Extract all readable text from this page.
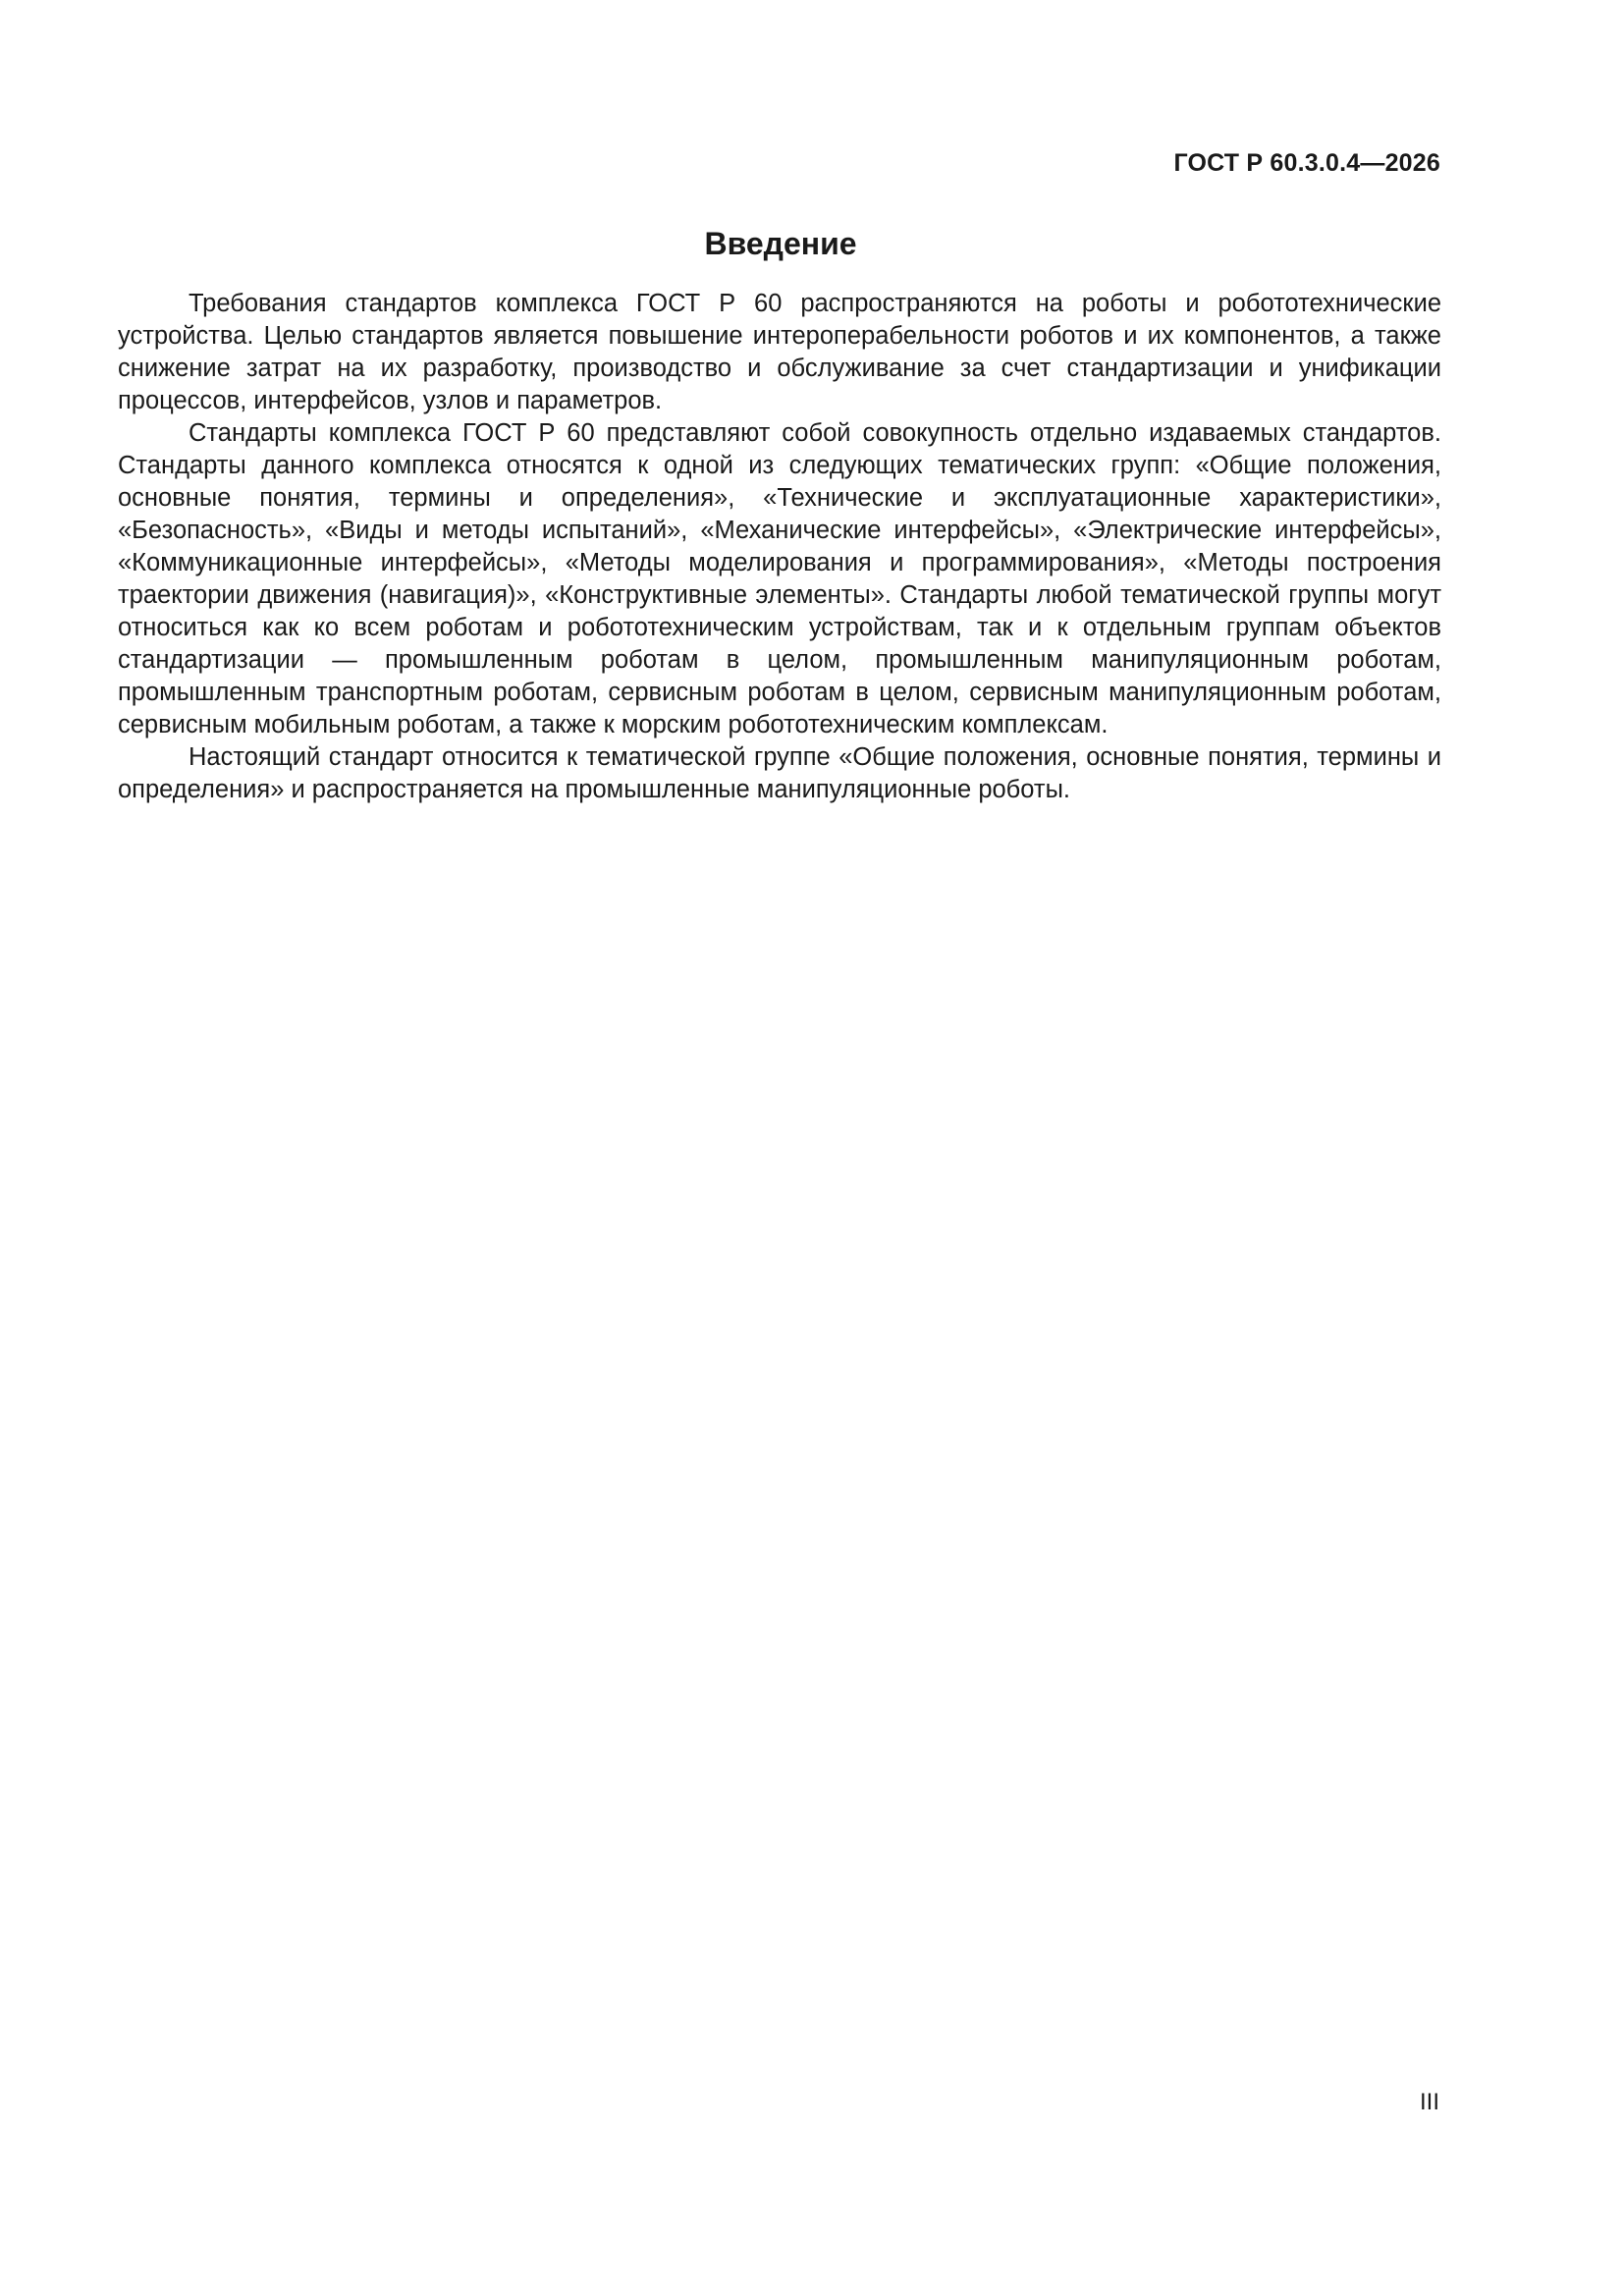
ГОСТ Р 60.3.0.4—2026
Введение

Требования стандартов комплекса ГОСТ Р 60 распространяются на роботы и робототехнические устройства. Целью стандартов является повышение интероперабельности роботов и их компонентов, а также снижение затрат на их разработку, производство и обслуживание за счет стандартизации и унификации процессов, интерфейсов, узлов и параметров.

Стандарты комплекса ГОСТ Р 60 представляют собой совокупность отдельно издаваемых стандартов. Стандарты данного комплекса относятся к одной из следующих тематических групп: «Общие положения, основные понятия, термины и определения», «Технические и эксплуатационные характеристики», «Безопасность», «Виды и методы испытаний», «Механические интерфейсы», «Электрические интерфейсы», «Коммуникационные интерфейсы», «Методы моделирования и программирования», «Методы построения траектории движения (навигация)», «Конструктивные элементы». Стандарты любой тематической группы могут относиться как ко всем роботам и робототехническим устройствам, так и к отдельным группам объектов стандартизации — промышленным роботам в целом, промышленным манипуляционным роботам, промышленным транспортным роботам, сервисным роботам в целом, сервисным манипуляционным роботам, сервисным мобильным роботам, а также к морским робототехническим комплексам.

Настоящий стандарт относится к тематической группе «Общие положения, основные понятия, термины и определения» и распространяется на промышленные манипуляционные роботы.

III
